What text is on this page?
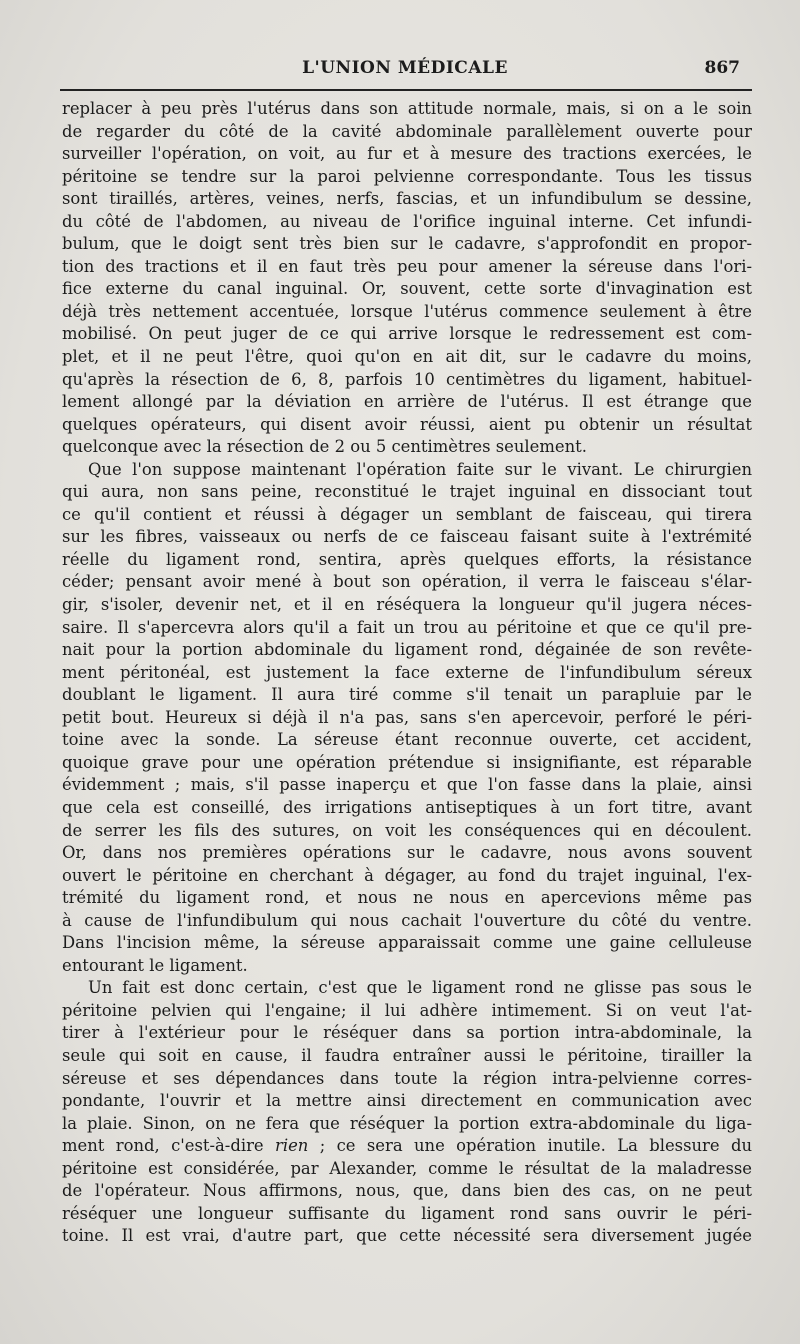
L'UNION MÉDICALE	867
replacer à peu près l'utérus dans son attitude normale, mais, si on a le soin
de regarder du côté de la cavité abdominale parallèlement ouverte pour
surveiller l'opération, on voit, au fur et à mesure des tractions exercées, le
péritoine se tendre sur la paroi pelvienne correspondante. Tous les tissus
sont tiraillés, artères, veines, nerfs, fascias, et un infundibulum se dessine,
du côté de l'abdomen, au niveau de l'orifice inguinal interne. Cet infundi-
bulum, que le doigt sent très bien sur le cadavre, s'approfondit en propor-
tion des tractions et il en faut très peu pour amener la séreuse dans l'ori-
fice externe du canal inguinal. Or, souvent, cette sorte d'invagination est
déjà très nettement accentuée, lorsque l'utérus commence seulement à être
mobilisé. On peut juger de ce qui arrive lorsque le redressement est com-
plet, et il ne peut l'être, quoi qu'on en ait dit, sur le cadavre du moins,
qu'après la résection de 6, 8, parfois 10 centimètres du ligament, habituel-
lement allongé par la déviation en arrière de l'utérus. Il est étrange que
quelques opérateurs, qui disent avoir réussi, aient pu obtenir un résultat
quelconque avec la résection de 2 ou 5 centimètres seulement.
Que l'on suppose maintenant l'opération faite sur le vivant. Le chirurgien
qui aura, non sans peine, reconstitué le trajet inguinal en dissociant tout
ce qu'il contient et réussi à dégager un semblant de faisceau, qui tirera
sur les fibres, vaisseaux ou nerfs de ce faisceau faisant suite à l'extrémité
réelle du ligament rond, sentira, après quelques efforts, la résistance
céder; pensant avoir mené à bout son opération, il verra le faisceau s'élar-
gir, s'isoler, devenir net, et il en réséquera la longueur qu'il jugera néces-
saire. Il s'apercevra alors qu'il a fait un trou au péritoine et que ce qu'il pre-
nait pour la portion abdominale du ligament rond, dégainée de son revête-
ment péritonéal, est justement la face externe de l'infundibulum séreux
doublant le ligament. Il aura tiré comme s'il tenait un parapluie par le
petit bout. Heureux si déjà il n'a pas, sans s'en apercevoir, perforé le péri-
toine avec la sonde. La séreuse étant reconnue ouverte, cet accident,
quoique grave pour une opération prétendue si insignifiante, est réparable
évidemment ; mais, s'il passe inaperçu et que l'on fasse dans la plaie, ainsi
que cela est conseillé, des irrigations antiseptiques à un fort titre, avant
de serrer les fils des sutures, on voit les conséquences qui en découlent.
Or, dans nos premières opérations sur le cadavre, nous avons souvent
ouvert le péritoine en cherchant à dégager, au fond du trajet inguinal, l'ex-
trémité du ligament rond, et nous ne nous en apercevions même pas
à cause de l'infundibulum qui nous cachait l'ouverture du côté du ventre.
Dans l'incision même, la séreuse apparaissait comme une gaine celluleuse
entourant le ligament.
Un fait est donc certain, c'est que le ligament rond ne glisse pas sous le
péritoine pelvien qui l'engaine; il lui adhère intimement. Si on veut l'at-
tirer à l'extérieur pour le réséquer dans sa portion intra-abdominale, la
seule qui soit en cause, il faudra entraîner aussi le péritoine, tirailler la
séreuse et ses dépendances dans toute la région intra-pelvienne corres-
pondante, l'ouvrir et la mettre ainsi directement en communication avec
la plaie. Sinon, on ne fera que réséquer la portion extra-abdominale du liga-
ment rond, c'est-à-dire rien ; ce sera une opération inutile. La blessure du
péritoine est considérée, par Alexander, comme le résultat de la maladresse
de l'opérateur. Nous affirmons, nous, que, dans bien des cas, on ne peut
réséquer une longueur suffisante du ligament rond sans ouvrir le péri-
toine. Il est vrai, d'autre part, que cette nécessité sera diversement jugée
